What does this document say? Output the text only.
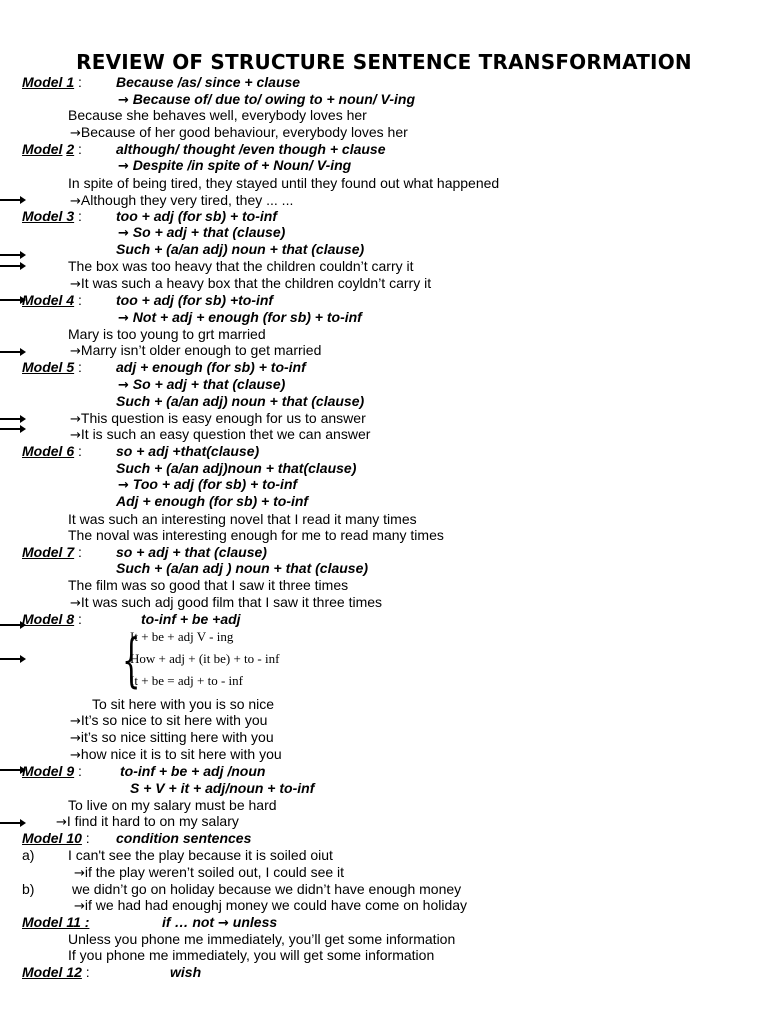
REVIEW OF STRUCTURE SENTENCE TRANSFORMATION
Model 1 : Because /as/ since + clause
→ Because of/ due to/ owing to + noun/ V-ing
Because she behaves well, everybody loves her
→Because of her good behaviour, everybody loves her
Model 2 : although/ thought /even though + clause
→ Despite /in spite of + Noun/ V-ing
In spite of being tired, they stayed until they found out what happened
→Although they very tired, they ... ...
Model 3 : too + adj (for sb) + to-inf
→ So + adj + that (clause)
Such + (a/an adj) noun + that (clause)
The box was too heavy that the children couldn’t carry it
→It was such a heavy box that the children coyldn’t carry it
Model 4 : too + adj (for sb) +to-inf
→ Not + adj + enough (for sb) + to-inf
Mary is too young to grt married
→Marry isn’t older enough to get married
Model 5 : adj + enough (for sb) + to-inf
→ So + adj + that (clause)
Such + (a/an adj) noun + that (clause)
→This question is easy enough for us to answer
→It is such an easy question thet we can answer
Model 6 : so + adj +that(clause)
Such + (a/an adj)noun + that(clause)
→ Too + adj (for sb) + to-inf
Adj + enough (for sb) + to-inf
It was such an interesting novel that I read it many times
The noval was interesting enough for me to read many times
Model 7 : so + adj + that (clause)
Such + (a/an adj ) noun + that (clause)
The film was so good that I saw it three times
→It was such adj good film that I saw it three times
Model 8 :	to-inf + be +adj
{
It + be + adj V - ing
How + adj + (it be) + to - inf
It + be = adj + to - inf
To sit here with you is so nice
→It’s so nice to sit here with you
→it’s so nice sitting here with you
→how nice it is to sit here with you
Model 9 :	to-inf + be + adj /noun
S + V + it + adj/noun + to-inf
To live on my salary must be hard
→I find it hard to on my salary
Model 10 : condition sentences
a) I can't see the play because it is soiled oiut
→if the play weren’t soiled out, I could see it
b)	we didn’t go on holiday because we didn’t have enough money
→if we had had enoughj money we could have come on holiday
Model 11 :	if … not → unless
Unless you phone me immediately, you’ll get some information
If you phone me immediately, you will get some information
Model 12 :	wish
